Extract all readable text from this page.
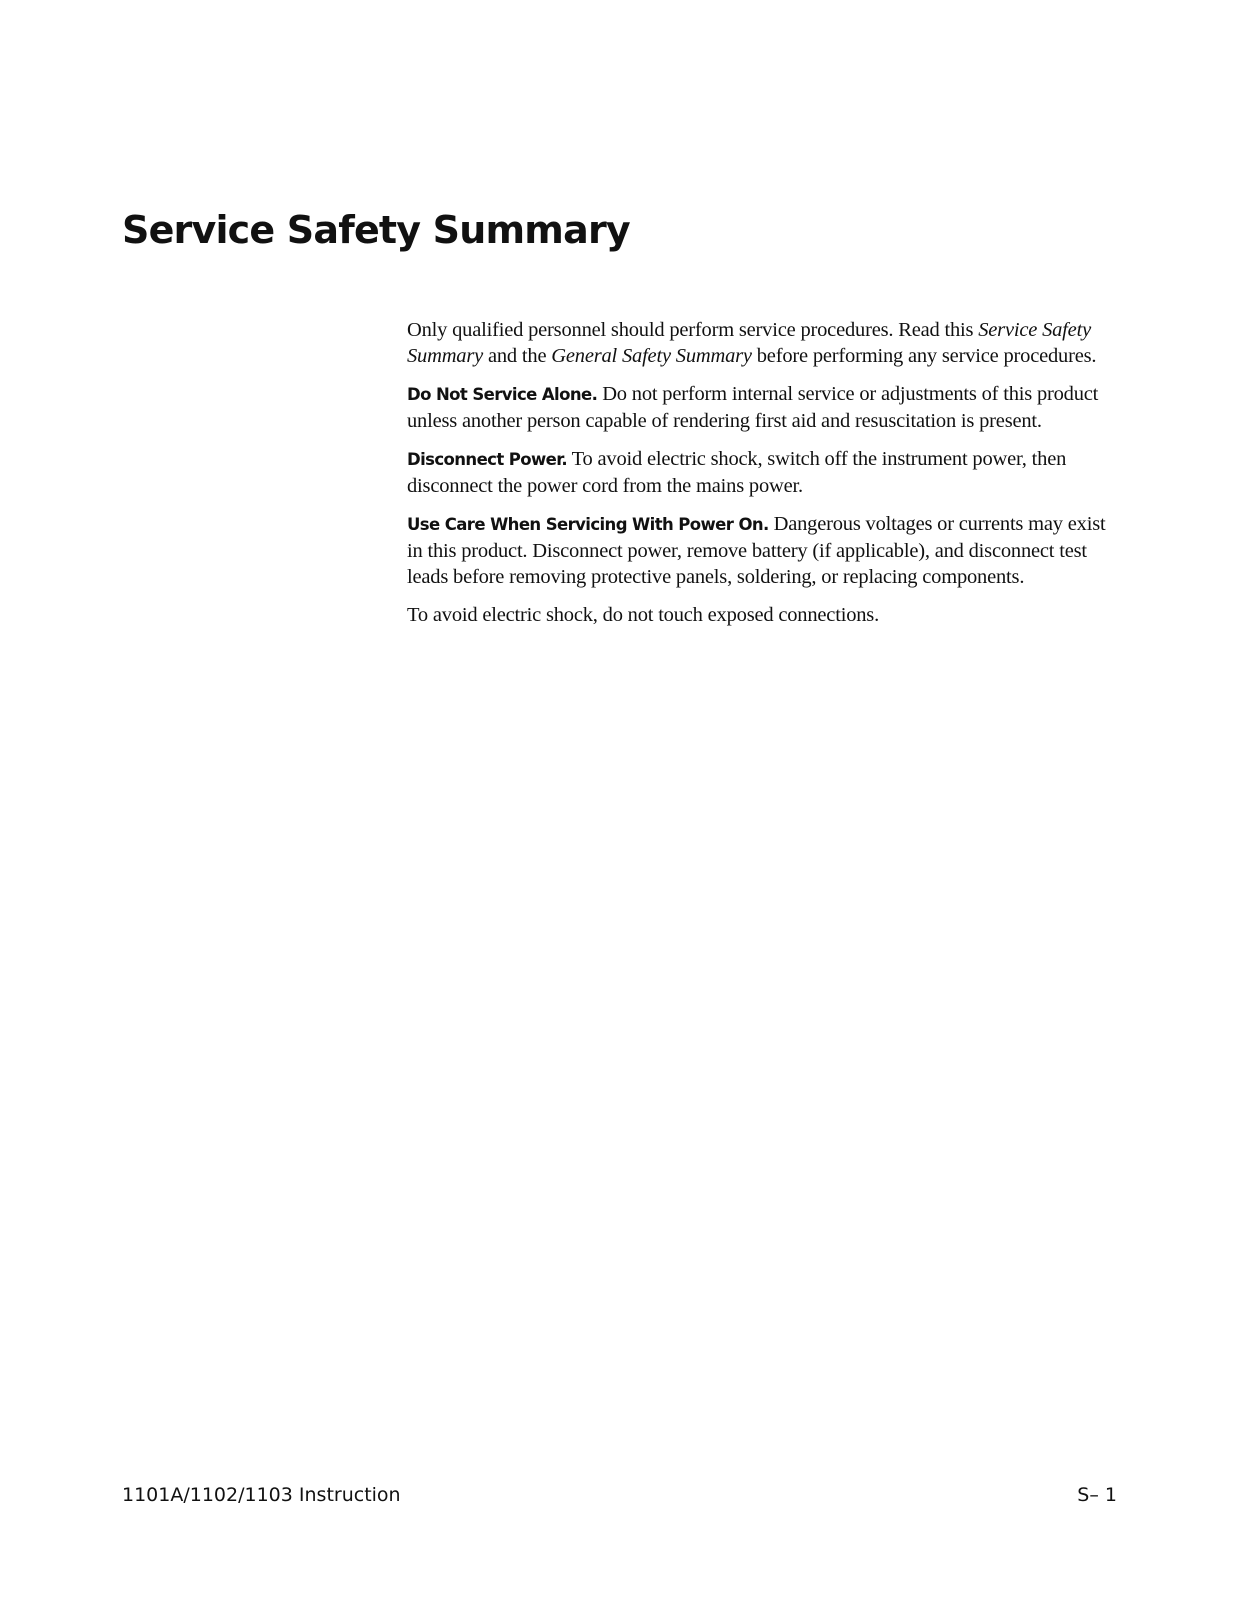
Service Safety Summary

Only qualified personnel should perform service procedures. Read this Service Safety Summary and the General Safety Summary before performing any service procedures.

Do Not Service Alone. Do not perform internal service or adjustments of this product unless another person capable of rendering first aid and resuscitation is present.

Disconnect Power. To avoid electric shock, switch off the instrument power, then disconnect the power cord from the mains power.

Use Care When Servicing With Power On. Dangerous voltages or currents may exist in this product. Disconnect power, remove battery (if applicable), and disconnect test leads before removing protective panels, soldering, or replacing components.

To avoid electric shock, do not touch exposed connections.

1101A/1102/1103 Instruction	S– 1
